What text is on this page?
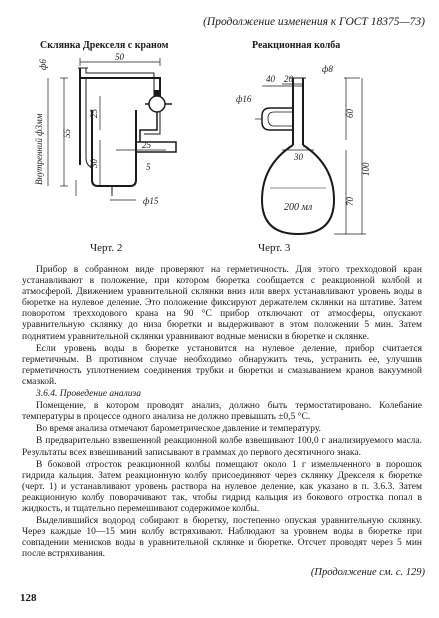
(Продолжение изменения к ГОСТ 18375—73)
Склянка Дрекселя с краном	Реакционная колба
ф6
50
Внутренний ф3мм 55
25
30
25
5
ф15
ф8
40 20
ф16
60
30
200 мл
70
100
Черт. 2	Черт. 3

Прибор в собранном виде проверяют на герметичность. Для этого трехходовой кран устанавливают в положение, при котором бюретка сообщается с реакционной колбой и атмосферой. Движением уравнительной склянки вниз или вверх устанавливают уровень воды в бюретке на нулевое деление. Это положение фиксируют держателем склянки на штативе. Затем поворотом трехходового крана на 90 °С прибор отключают от атмосферы, опускают уравнительную склянку до низа бюретки и выдерживают в этом положении 5 мин. Затем поднятием уравнительной склянки уравнивают водные мениски в бюретке и склянке.

Если уровень воды в бюретке установится на нулевое деление, прибор считается герметичным. В противном случае необходимо обнаружить течь, устранить ее, улучшив герметичность уплотнением соединения трубки и бюретки и смазыванием кранов вакуумной смазкой.

3.6.4. Проведение анализа

Помещение, в котором проводят анализ, должно быть термостатировано. Колебание температуры в процессе одного анализа не должно превышать ±0,5 °С.

Во время анализа отмечают барометрическое давление и температуру.

В предварительно взвешенной реакционной колбе взвешивают 100,0 г анализируемого масла. Результаты всех взвешиваний записывают в граммах до первого десятичного знака.

В боковой отросток реакционной колбы помещают около 1 г измельченного в порошок гидрида кальция. Затем реакционную колбу присоединяют через склянку Дрекселя к бюретке (черт. 1) и устанавливают уровень раствора на нулевое деление, как указано в п. 3.6.3. Затем реакционную колбу поворачивают так, чтобы гидрид кальция из бокового отростка попал в жидкость, и тщательно перемешивают содержимое колбы.

Выделившийся водород собирают в бюретку, постепенно опуская уравнительную склянку. Через каждые 10—15 мин колбу встряхивают. Наблюдают за уровнем воды в бюретке при совпадении менисков воды в уравнительной склянке и бюретке. Отсчет проводят через 5 мин после встряхивания.

(Продолжение см. с. 129)
128
